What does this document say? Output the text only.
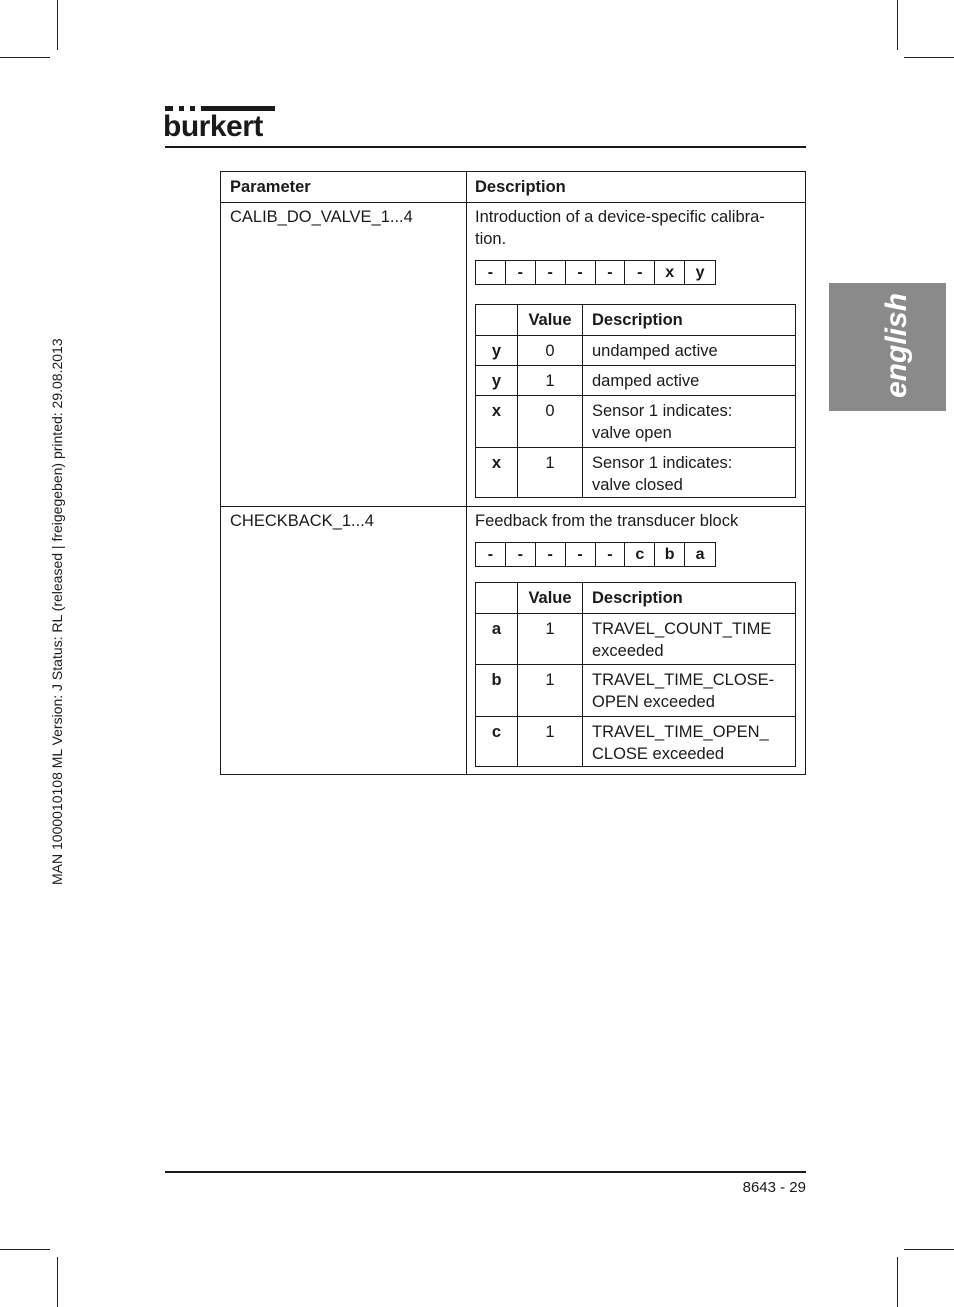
burkert
MAN 1000010108 ML Version: J Status: RL (released | freigegeben) printed: 29.08.2013	english
Parameter	Description
CALIB_DO_VALVE_1...4	Introduction of a device-specific calibra-
tion.
-	-	-	-	-	-	x	y
Value	Description
y	0	undamped active
y	1	damped active
x	0	Sensor 1 indicates:
valve open
x	1	Sensor 1 indicates:
valve closed
CHECKBACK_1...4	Feedback from the transducer block
-	-	-	-	-	c	b	a
Value	Description
a	1	TRAVEL_COUNT_TIME
exceeded
b	1	TRAVEL_TIME_CLOSE-
OPEN exceeded
c	1	TRAVEL_TIME_OPEN_
CLOSE exceeded
8643 - 29
